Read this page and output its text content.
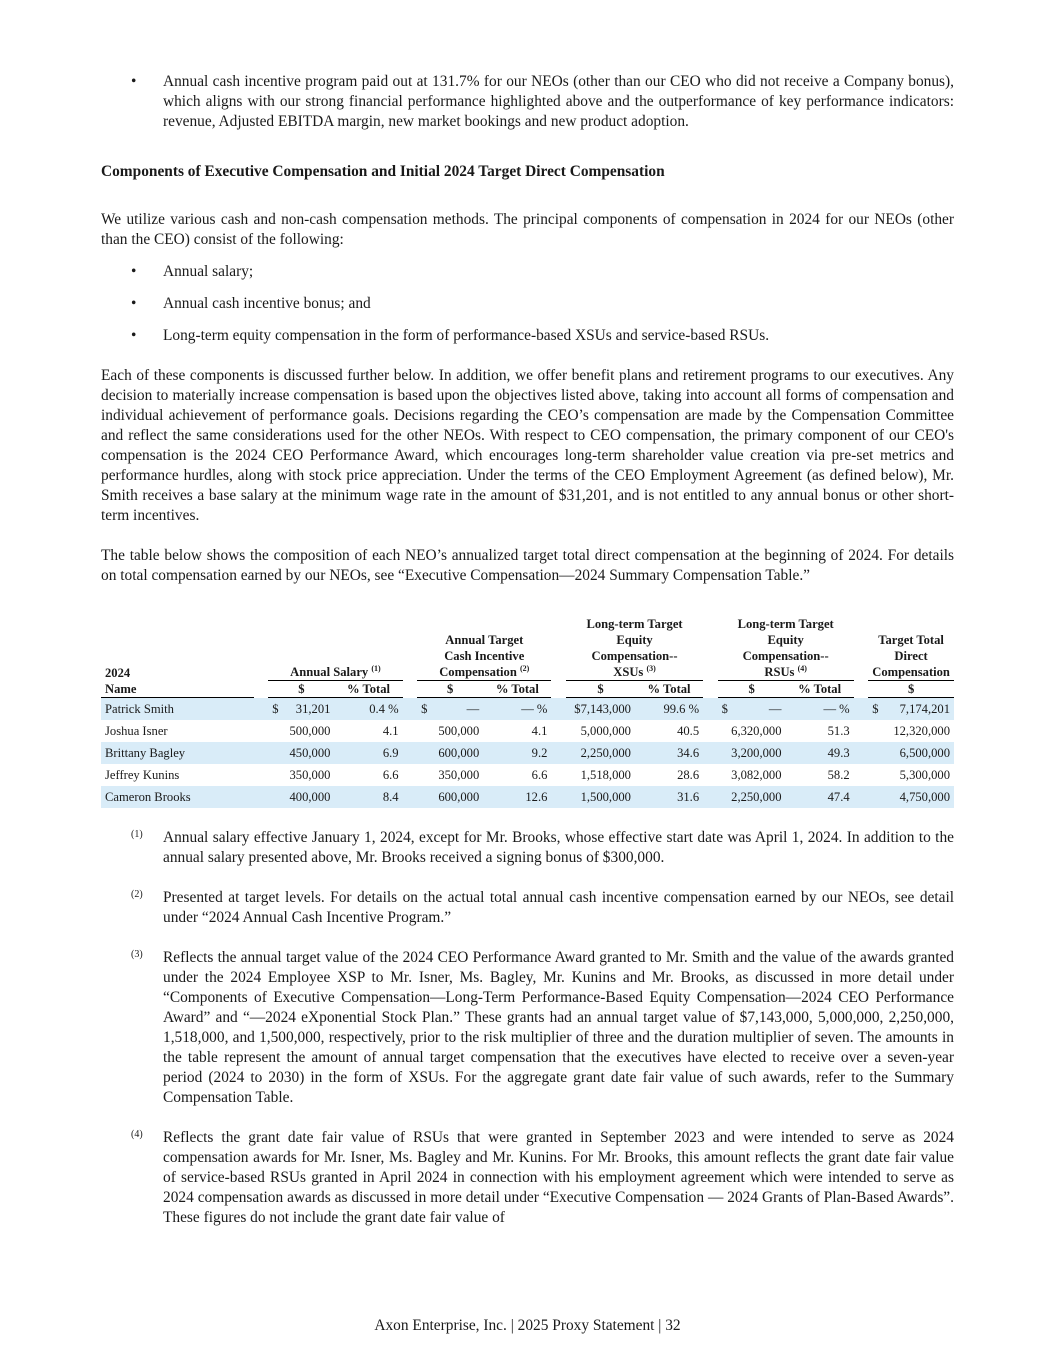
•	Annual cash incentive program paid out at 131.7% for our NEOs (other than our CEO who did not receive a Company bonus), which aligns with our strong financial performance highlighted above and the outperformance of key performance indicators: revenue, Adjusted EBITDA margin, new market bookings and new product adoption.
Components of Executive Compensation and Initial 2024 Target Direct Compensation

We utilize various cash and non-cash compensation methods. The principal components of compensation in 2024 for our NEOs (other than the CEO) consist of the following:

•	Annual salary;
•	Annual cash incentive bonus; and
•	Long-term equity compensation in the form of performance-based XSUs and service-based RSUs.

Each of these components is discussed further below. In addition, we offer benefit plans and retirement programs to our executives. Any decision to materially increase compensation is based upon the objectives listed above, taking into account all forms of compensation and individual achievement of performance goals. Decisions regarding the CEO’s compensation are made by the Compensation Committee and reflect the same considerations used for the other NEOs. With respect to CEO compensation, the primary component of our CEO's compensation is the 2024 CEO Performance Award, which encourages long-term shareholder value creation via pre-set metrics and performance hurdles, along with stock price appreciation. Under the terms of the CEO Employment Agreement (as defined below), Mr. Smith receives a base salary at the minimum wage rate in the amount of $31,201, and is not entitled to any annual bonus or other short-term incentives.

The table below shows the composition of each NEO’s annualized target total direct compensation at the beginning of 2024. For details on total compensation earned by our NEOs, see “Executive Compensation—2024 Summary Compensation Table.”

2024		Annual Salary $^{(1)}$			Annual Target
Cash Incentive
Compensation $^{(2)}$			Long-term Target
Equity
Compensation--
XSUs $^{(3)}$			Long-term Target
Equity
Compensation--
RSUs $^{(4)}$			Target Total
Direct
Compensation
Name		$	% Total		$	% Total		$	% Total		$	% Total		$
Patrick Smith		$ 31,201	0.4 %		$ —	— %		$7,143,000	99.6 %		$ —	— %		$ 7,174,201
Joshua Isner		500,000	4.1		500,000	4.1		5,000,000	40.5		6,320,000	51.3		12,320,000
Brittany Bagley		450,000	6.9		600,000	9.2		2,250,000	34.6		3,200,000	49.3		6,500,000
Jeffrey Kunins		350,000	6.6		350,000	6.6		1,518,000	28.6		3,082,000	58.2		5,300,000
Cameron Brooks		400,000	8.4		600,000	12.6		1,500,000	31.6		2,250,000	47.4		4,750,000
(1)	Annual salary effective January 1, 2024, except for Mr. Brooks, whose effective start date was April 1, 2024. In addition to the annual salary presented above, Mr. Brooks received a signing bonus of $300,000.
(2)	Presented at target levels. For details on the actual total annual cash incentive compensation earned by our NEOs, see detail under “2024 Annual Cash Incentive Program.”
(3)	Reflects the annual target value of the 2024 CEO Performance Award granted to Mr. Smith and the value of the awards granted under the 2024 Employee XSP to Mr. Isner, Ms. Bagley, Mr. Kunins and Mr. Brooks, as discussed in more detail under “Components of Executive Compensation—Long-Term Performance-Based Equity Compensation—2024 CEO Performance Award” and “—2024 eXponential Stock Plan.” These grants had an annual target value of $7,143,000, 5,000,000, 2,250,000, 1,518,000, and 1,500,000, respectively, prior to the risk multiplier of three and the duration multiplier of seven. The amounts in the table represent the amount of annual target compensation that the executives have elected to receive over a seven-year period (2024 to 2030) in the form of XSUs. For the aggregate grant date fair value of such awards, refer to the Summary Compensation Table.
(4)	Reflects the grant date fair value of RSUs that were granted in September 2023 and were intended to serve as 2024 compensation awards for Mr. Isner, Ms. Bagley and Mr. Kunins. For Mr. Brooks, this amount reflects the grant date fair value of service-based RSUs granted in April 2024 in connection with his employment agreement which were intended to serve as 2024 compensation awards as discussed in more detail under “Executive Compensation — 2024 Grants of Plan-Based Awards”. These figures do not include the grant date fair value of
Axon Enterprise, Inc. | 2025 Proxy Statement | 32
